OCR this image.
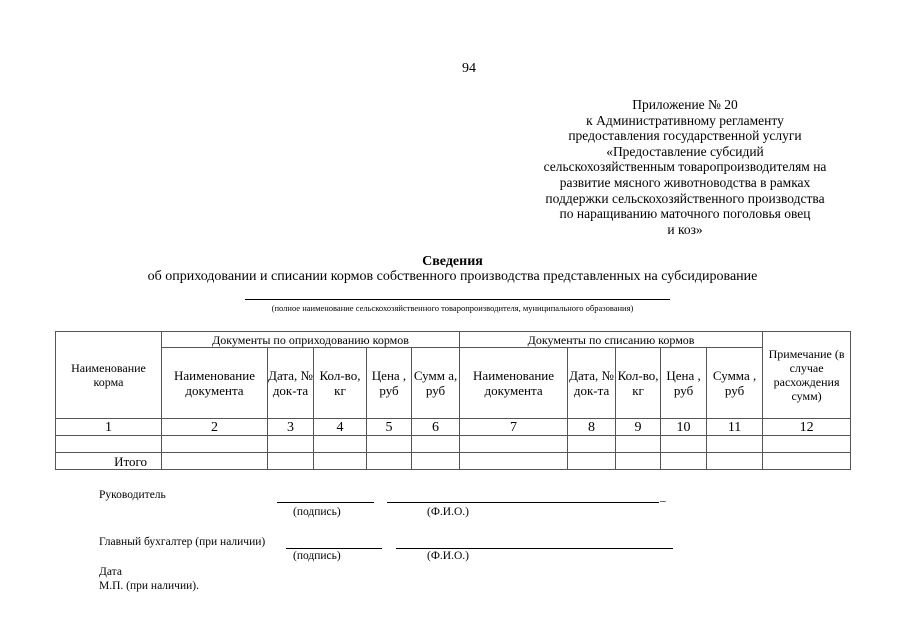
94
Приложение № 20
к Административному регламенту
предоставления государственной услуги
«Предоставление субсидий
сельскохозяйственным товаропроизводителям на
развитие мясного животноводства в рамках
поддержки сельскохозяйственного производства
по наращиванию маточного поголовья овец
и коз»
Сведения
об оприходовании и списании кормов собственного производства представленных на субсидирование
(полное наименование сельскохозяйственного товаропроизводителя, муниципального образования)
Наименование корма	Документы по оприходованию кормов					Документы по списанию кормов					Примечание (в случае расхождения сумм)
	Наименование документа	Дата, № док-та	Кол-во, кг	Цена , руб	Сумм а, руб	Наименование документа	Дата, № док-та	Кол-во, кг	Цена , руб	Сумма , руб	
1	2	3	4	5	6	7	8	9	10	11	12

Итого											
Руководитель	_
(подпись)	(Ф.И.О.)
Главный бухгалтер (при наличии)
(подпись)	(Ф.И.О.)
Дата
М.П. (при наличии).
